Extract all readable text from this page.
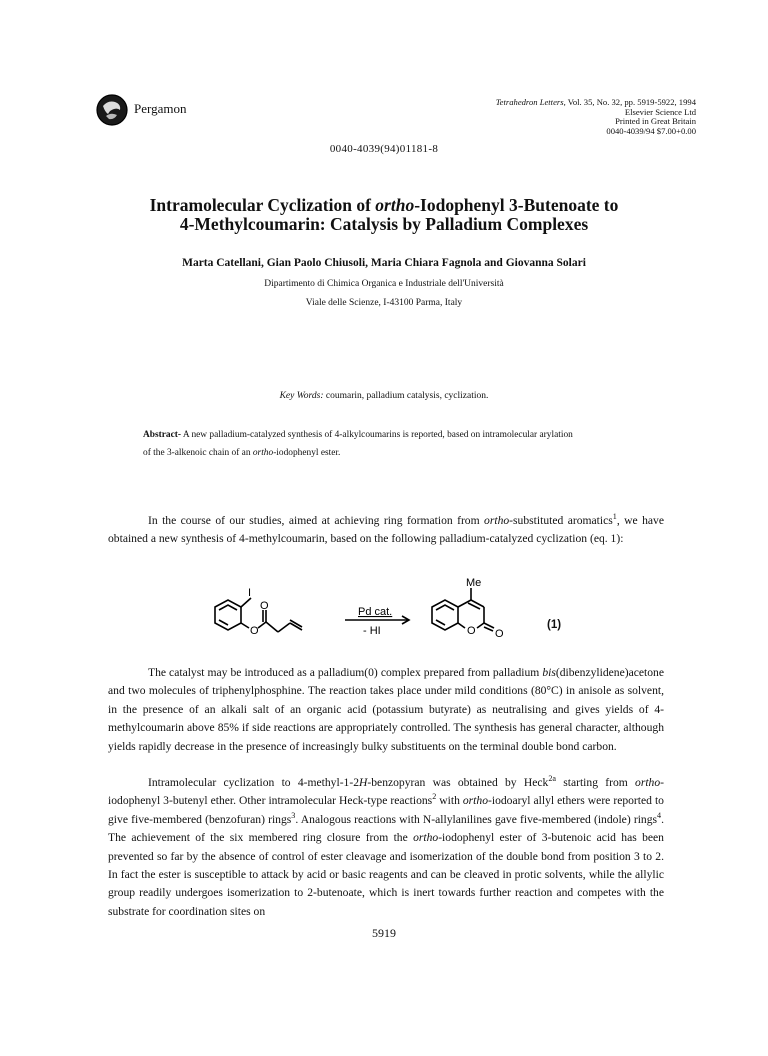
Pergamon	Tetrahedron Letters, Vol. 35, No. 32, pp. 5919-5922, 1994
Elsevier Science Ltd
Printed in Great Britain
0040-4039/94 $7.00+0.00
0040-4039(94)01181-8
Intramolecular Cyclization of ortho-Iodophenyl 3-Butenoate to
4-Methylcoumarin: Catalysis by Palladium Complexes
Marta Catellani, Gian Paolo Chiusoli, Maria Chiara Fagnola and Giovanna Solari
Dipartimento di Chimica Organica e Industriale dell'Università
Viale delle Scienze, I-43100 Parma, Italy
Key Words: coumarin, palladium catalysis, cyclization.
Abstract- A new palladium-catalyzed synthesis of 4-alkylcoumarins is reported, based on intramolecular arylation
of the 3-alkenoic chain of an ortho-iodophenyl ester.

In the course of our studies, aimed at achieving ring formation from ortho-substituted aromatics$^1$, we have obtained a new synthesis of 4-methylcoumarin, based on the following palladium-catalyzed cyclization (eq. 1):

I
O
O	Pd cat.
- HI
Me
O O
(1)

The catalyst may be introduced as a palladium(0) complex prepared from palladium bis(dibenzylidene)acetone and two molecules of triphenylphosphine. The reaction takes place under mild conditions (80°C) in anisole as solvent, in the presence of an alkali salt of an organic acid (potassium butyrate) as neutralising and gives yields of 4-methylcoumarin above 85% if side reactions are appropriately controlled. The synthesis has general character, although yields rapidly decrease in the presence of increasingly bulky substituents on the terminal double bond carbon.

Intramolecular cyclization to 4-methyl-1-2H-benzopyran was obtained by Heck$^{2a}$ starting from ortho-iodophenyl 3-butenyl ether. Other intramolecular Heck-type reactions$^2$ with ortho-iodoaryl allyl ethers were reported to give five-membered (benzofuran) rings$^3$. Analogous reactions with N-allylanilines gave five-membered (indole) rings$^4$. The achievement of the six membered ring closure from the ortho-iodophenyl ester of 3-butenoic acid has been prevented so far by the absence of control of ester cleavage and isomerization of the double bond from position 3 to 2. In fact the ester is susceptible to attack by acid or basic reagents and can be cleaved in protic solvents, while the allylic group readily undergoes isomerization to 2-butenoate, which is inert towards further reaction and competes with the substrate for coordination sites on

5919
